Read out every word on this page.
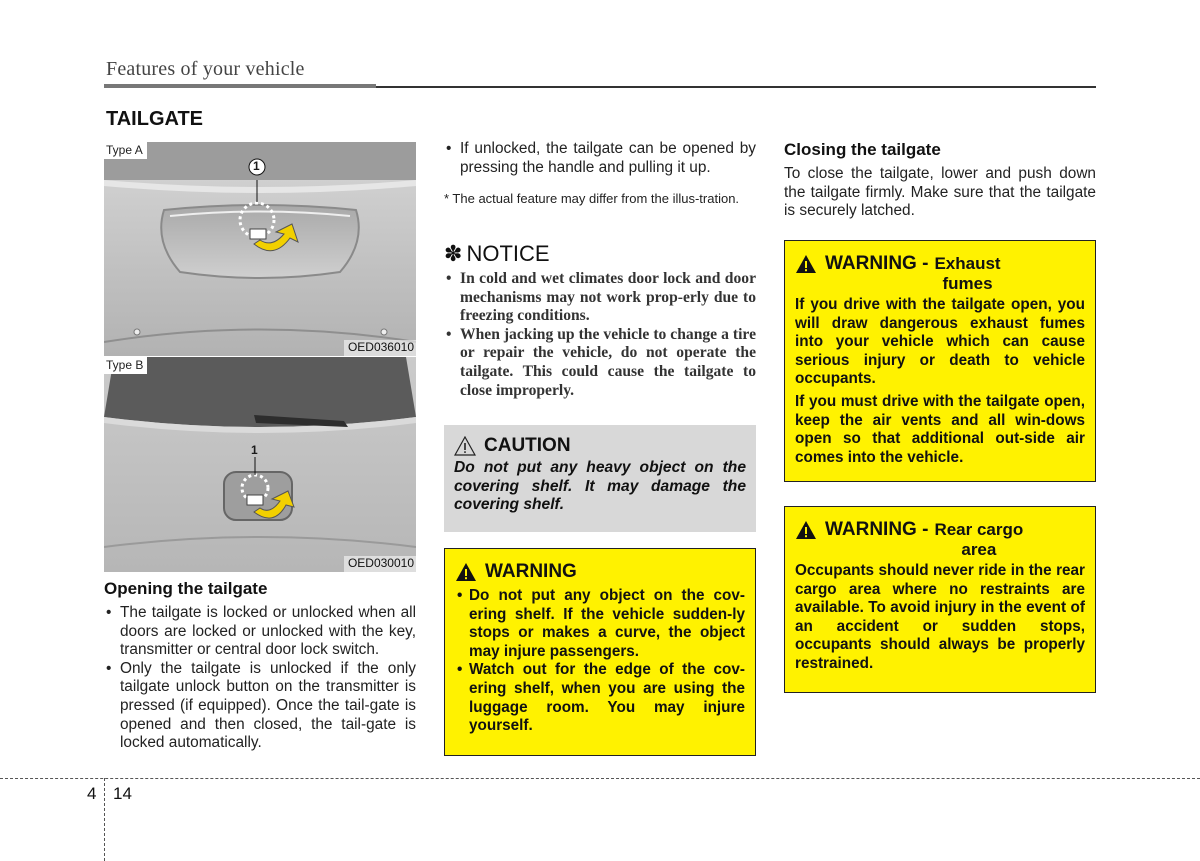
Features of your vehicle
TAILGATE
1
Type A
OED036010
1
Type B
OED030010
Opening the tailgate
• The tailgate is locked or unlocked when all doors are locked or unlocked with the key, transmitter or central door lock switch.
• Only the tailgate is unlocked if the only tailgate unlock button on the transmitter is pressed (if equipped). Once the tail-gate is opened and then closed, the tail-gate is locked automatically.
• If unlocked, the tailgate can be opened by pressing the handle and pulling it up.
* The actual feature may differ from the illus-tration.
✽ NOTICE
• In cold and wet climates door lock and door mechanisms may not work prop-erly due to freezing conditions.
• When jacking up the vehicle to change a tire or repair the vehicle, do not operate the tailgate. This could cause the tailgate to close improperly.
CAUTION
Do not put any heavy object on the covering shelf. It may damage the covering shelf.
WARNING
• Do not put any object on the cov-ering shelf. If the vehicle sudden-ly stops or makes a curve, the object may injure passengers.
• Watch out for the edge of the cov-ering shelf, when you are using the luggage room. You may injure yourself.
Closing the tailgate
To close the tailgate, lower and push down the tailgate firmly. Make sure that the tailgate is securely latched.
WARNING - Exhaust
fumes
If you drive with the tailgate open, you will draw dangerous exhaust fumes into your vehicle which can cause serious injury or death to vehicle occupants.
If you must drive with the tailgate open, keep the air vents and all win-dows open so that additional out-side air comes into the vehicle.
WARNING - Rear cargo
area
Occupants should never ride in the rear cargo area where no restraints are available. To avoid injury in the event of an accident or sudden stops, occupants should always be properly restrained.
4 14
